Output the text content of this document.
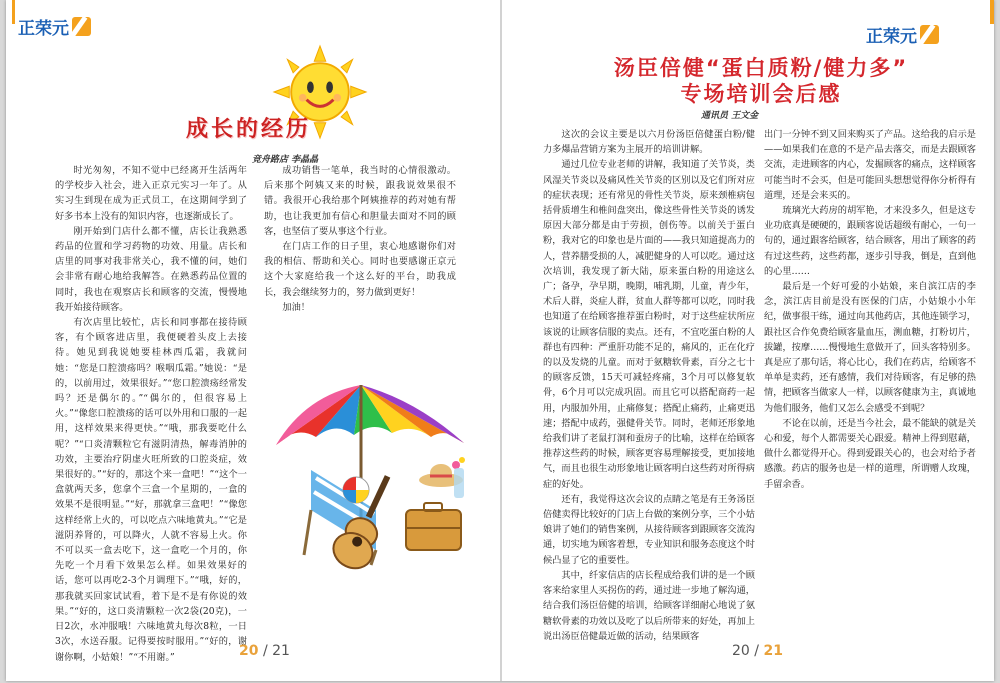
正荣元	正荣元
成长的经历
竞舟路店 李晶晶

时光匆匆，不知不觉中已经离开生活两年的学校步入社会，进入正京元实习一年了。从实习生到现在成为正式员工，在这期间学到了好多书本上没有的知识内容，也逐渐成长了。

刚开始到门店什么都不懂，店长让我熟悉药品的位置和学习药物的功效、用量。店长和店里的同事对我非常关心，我不懂的问，她们会非常有耐心地给我解答。在熟悉药品位置的同时，我也在观察店长和顾客的交流，慢慢地我开始接待顾客。

有次店里比较忙，店长和同事都在接待顾客，有个顾客进店里，我便硬着头皮上去接待。她见到我说她要桂林西瓜霜，我就问她：“您是口腔溃疡吗？喉咽瓜霜。”她说：“是的，以前用过，效果很好。”“您口腔溃疡经常发吗？还是偶尔的。”“偶尔的，但很容易上火。”“像您口腔溃疡的话可以外用和口服的一起用，这样效果来得更快。”“哦，那我要吃什么呢？”“口炎清颗粒它有滋阴清热，解毒消肿的功效，主要治疗阴虚火旺所致的口腔炎症，效果很好的。”“好的，那这个来一盒吧！”“这个一盒就两天多，您拿个三盒一个星期的，一盒的效果不是很明显。”“好，那就拿三盒吧！”“像您这样经常上火的，可以吃点六味地黄丸。”“它是滋阴养肾的，可以降火，人就不容易上火。你不可以买一盒去吃下，这一盒吃一个月的，你先吃一个月看下效果怎么样。如果效果好的话，您可以再吃2-3个月调理下。”“哦，好的，那我就买回家试试看，着下是不是有你说的效果。”“好的，这口炎清颗粒一次2袋(20克)，一日2次，水冲服哦！六味地黄丸每次8粒，一日3次，水送吞服。记得要按时服用。”“好的，谢谢你啊，小姑娘！”“不用谢。”

成功销售一笔单，我当时的心情很激动。后来那个阿姨又来的时候，跟我说效果很不错。我很开心我给那个阿姨推荐的药对她有帮助，也让我更加有信心和胆量去面对不同的顾客，也坚信了要从事这个行业。

在门店工作的日子里，衷心地感谢你们对我的相信、帮助和关心。同时也要感谢正京元这个大家庭给我一个这么好的平台，助我成长，我会继续努力的，努力做到更好！

加油！

20 / 21
汤臣倍健“蛋白质粉/健力多”
专场培训会后感
通讯员 王文金

这次的会议主要是以六月份汤臣倍健蛋白粉/健力多爆品营销方案为主展开的培训讲解。

通过几位专业老师的讲解，我知道了关节炎，类风湿关节炎以及痛风性关节炎的区别以及它们所对应的症状表现；还有常见的骨性关节炎，原来颈椎病包括骨质增生和椎间盘突出，像这些骨性关节炎的诱发原因大部分都是由于劳损，创伤等。以前关于蛋白粉，我对它的印象也是片面的——我只知道提高力的人，营养膳受损的人，减肥健身的人可以吃。通过这次培训，我发现了新大陆，原来蛋白粉的用途这么广；备孕，孕早期，晚期，哺乳期，儿童，青少年，术后人群，炎症人群，贫血人群等都可以吃，同时我也知道了在给顾客推荐蛋白粉时，对于这些症状所应该说的让顾客信服的卖点。还有，不宜吃蛋白粉的人群也有四种：严重肝功能不足的，痛风的，正在化疗的以及发烧的儿童。而对于氨糖软骨素，百分之七十的顾客反馈，15天可减轻疼痛，3个月可以修复软骨，6个月可以完成巩固。而且它可以搭配商药一起用，内服加外用，止痛修复；搭配止痛药，止痛更迅速；搭配中成药，强健骨关节。同时，老师还形象地给我们讲了老鼠打洞和蚕房子的比喻，这样在给顾客推荐这些药的时候，顾客更容易理解接受，更加接地气，而且也很生动形象地让顾客明白这些药对所得病症的好处。

还有，我觉得这次会议的点睛之笔是有王务汤臣倍健卖得比较好的门店上台做的案例分享，三个小姑娘讲了她们的销售案例，从接待顾客到跟顾客交流沟通，切实地为顾客着想，专业知识和服务态度这个时候凸显了它的重要性。

其中，纤家信店的店长程成给我们讲的是一个顾客来给家里人买拐伤的药，通过进一步地了解沟通，结合我们汤臣倍健的培训，给顾客详细耐心地说了氨糖软骨素的功效以及吃了以后所带来的好处，再加上说出汤臣倍健最近做的活动，结果顾客

出门一分钟不到又回来购买了产品。这给我的启示是——如果我们在意的不是产品去落交，而是去跟顾客交流，走进顾客的内心，发掘顾客的痛点，这样顾客可能当时不会买，但是可能回头想想觉得你分析得有道理，还是会来买的。

琉璃光大药房的胡军艳，才来没多久，但是这专业功底真是硬硬的，跟顾客说话超级有耐心，一句一句的，通过跟客给顾客，结合顾客，用出了顾客的药有过这些药，这些药都，逐步引导我，倒是，直到他的心里……

最后是一个好可爱的小姑娘，来自滨江店的李念，滨江店目前是没有医保的门店，小姑娘小小年纪，做事很干练，通过向其他药店，其他连锁学习，跟社区合作免费给顾客量血压，测血糖，打粉切片，拔罐，按摩……慢慢地生意做开了，回头客特别多。真是应了那句话，将心比心，我们在药店，给顾客不单单是卖药，还有感情，我们对待顾客，有足够的热情，把顾客当做家人一样，以顾客健康为主，真诚地为他们服务，他们又怎么会感受不到呢？

不论在以前，还是当今社会，最不能缺的就是关心和爱，每个人都需要关心跟爱。精神上得到慰藉，做什么都觉得开心。得到爱跟关心的，也会对给予者感激。药店的服务也是一样的道理，所谓赠人玫瑰，手留余香。

20 / 21
